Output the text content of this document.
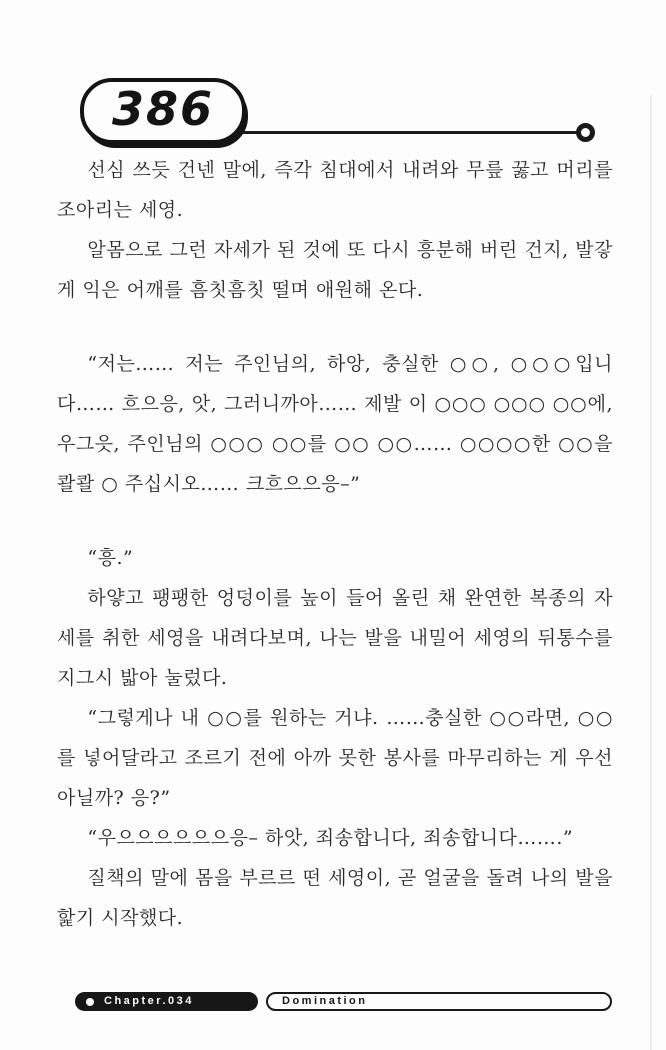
386

선심 쓰듯 건넨 말에, 즉각 침대에서 내려와 무릎 꿇고 머리를 조아리는 세영.

알몸으로 그런 자세가 된 것에 또 다시 흥분해 버린 건지, 발갛게 익은 어깨를 흠칫흠칫 떨며 애원해 온다.

“저는…… 저는 주인님의, 하앙, 충실한 ○○, ○○○입니다…… 흐으응, 앗, 그러니까아…… 제발 이 ○○○ ○○○ ○○에, 우그읏, 주인님의 ○○○ ○○를 ○○ ○○…… ○○○○한 ○○을 콸콸 ○ 주십시오…… 크흐으으응–”

“흥.”

하얗고 팽팽한 엉덩이를 높이 들어 올린 채 완연한 복종의 자세를 취한 세영을 내려다보며, 나는 발을 내밀어 세영의 뒤통수를 지그시 밟아 눌렀다.

“그렇게나 내 ○○를 원하는 거냐. ……충실한 ○○라면, ○○를 넣어달라고 조르기 전에 아까 못한 봉사를 마무리하는 게 우선 아닐까? 응?”

“우으으으으으으응– 하앗, 죄송합니다, 죄송합니다…….”

질책의 말에 몸을 부르르 떤 세영이, 곧 얼굴을 돌려 나의 발을 핥기 시작했다.

Chapter.034	Domination
